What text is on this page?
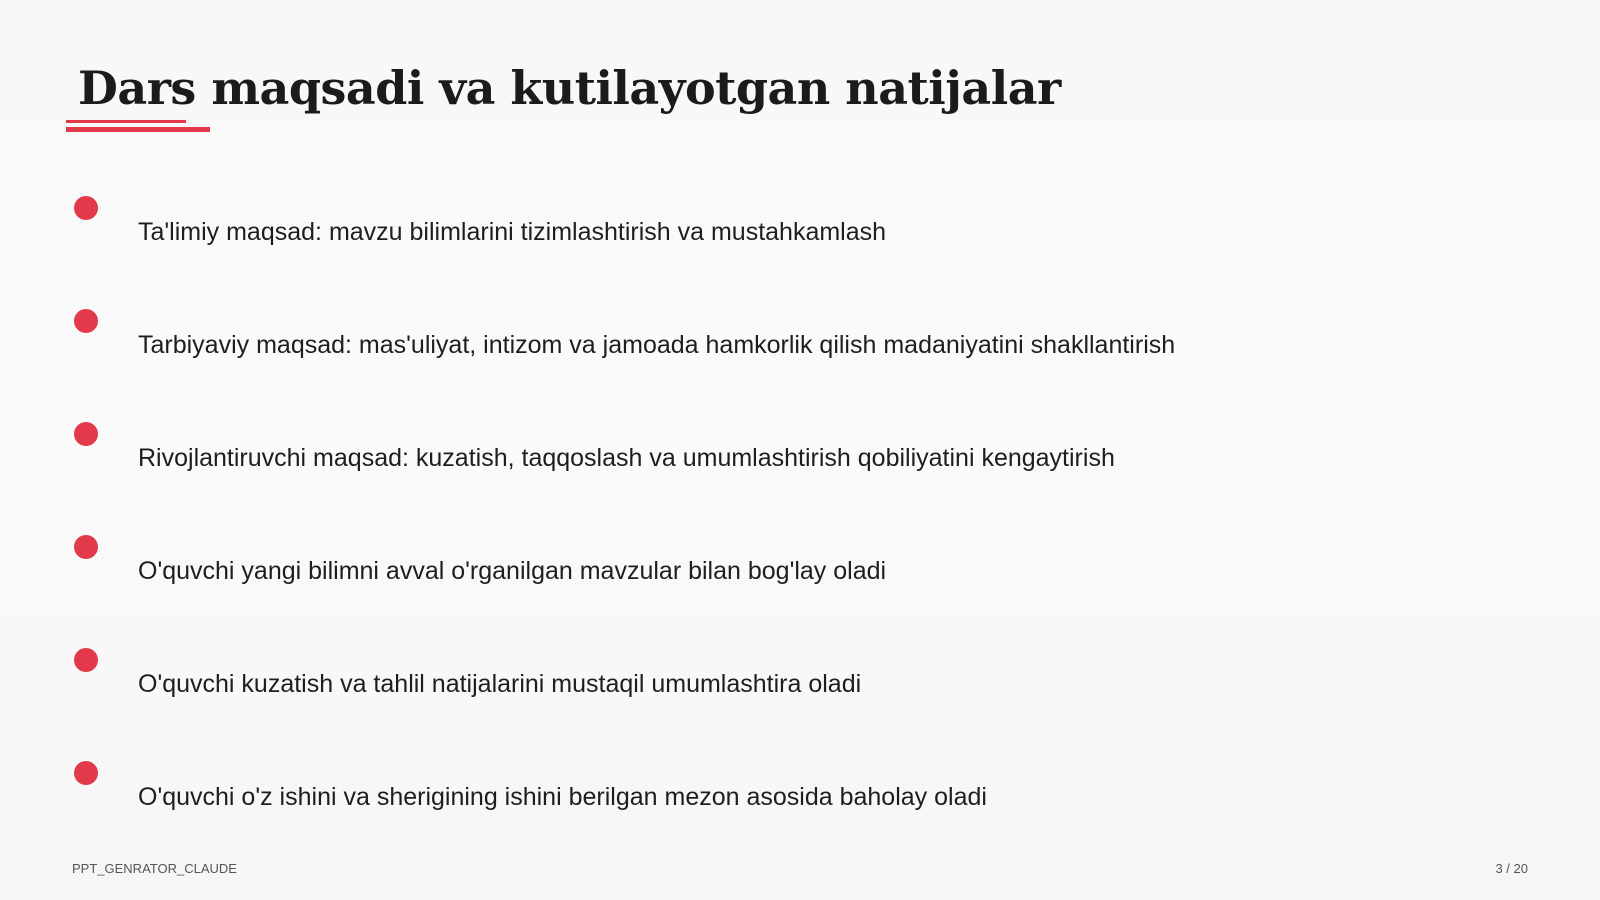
Dars maqsadi va kutilayotgan natijalar
Ta'limiy maqsad: mavzu bilimlarini tizimlashtirish va mustahkamlash
Tarbiyaviy maqsad: mas'uliyat, intizom va jamoada hamkorlik qilish madaniyatini shakllantirish
Rivojlantiruvchi maqsad: kuzatish, taqqoslash va umumlashtirish qobiliyatini kengaytirish
O'quvchi yangi bilimni avval o'rganilgan mavzular bilan bog'lay oladi
O'quvchi kuzatish va tahlil natijalarini mustaqil umumlashtira oladi
O'quvchi o'z ishini va sherigining ishini berilgan mezon asosida baholay oladi
PPT_GENRATOR_CLAUDE	3 / 20
